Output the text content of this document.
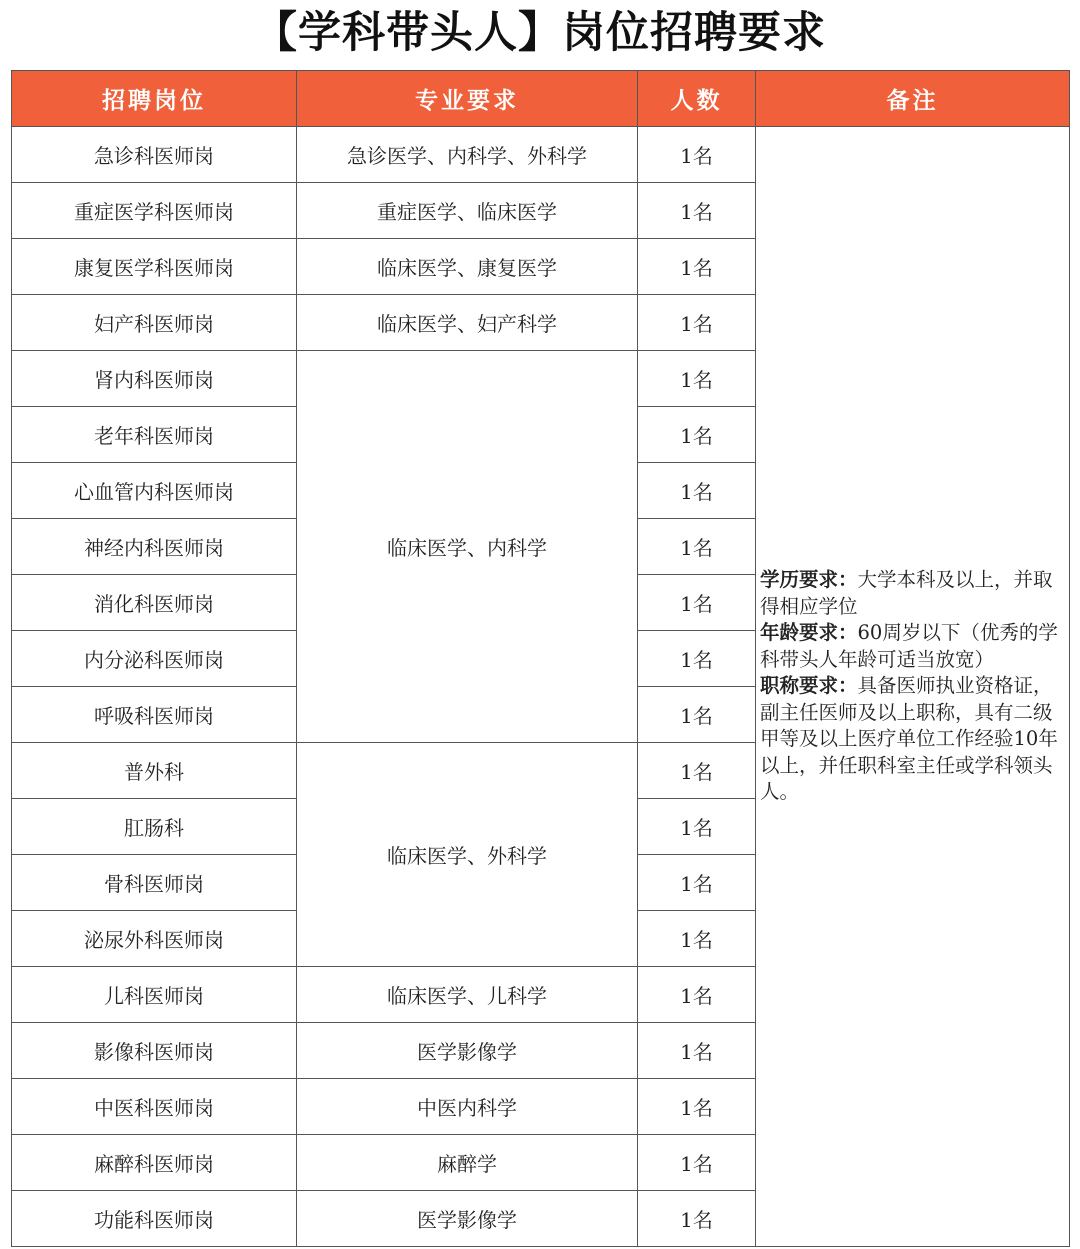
【学科带头人】岗位招聘要求
招聘岗位	专业要求	人数	备注
急诊科医师岗	急诊医学、内科学、外科学	1名	学历要求：大学本科及以上，并取得相应学位
年龄要求：60周岁以下（优秀的学科带头人年龄可适当放宽）
职称要求：具备医师执业资格证，副主任医师及以上职称，具有二级甲等及以上医疗单位工作经验10年以上，并任职科室主任或学科领头人。
重症医学科医师岗	重症医学、临床医学	1名	
康复医学科医师岗	临床医学、康复医学	1名	
妇产科医师岗	临床医学、妇产科学	1名	
肾内科医师岗	临床医学、内科学	1名	
老年科医师岗		1名	
心血管内科医师岗		1名	
神经内科医师岗		1名	
消化科医师岗		1名	
内分泌科医师岗		1名	
呼吸科医师岗		1名	
普外科	临床医学、外科学	1名	
肛肠科		1名	
骨科医师岗		1名	
泌尿外科医师岗		1名	
儿科医师岗	临床医学、儿科学	1名	
影像科医师岗	医学影像学	1名	
中医科医师岗	中医内科学	1名	
麻醉科医师岗	麻醉学	1名	
功能科医师岗	医学影像学	1名	
